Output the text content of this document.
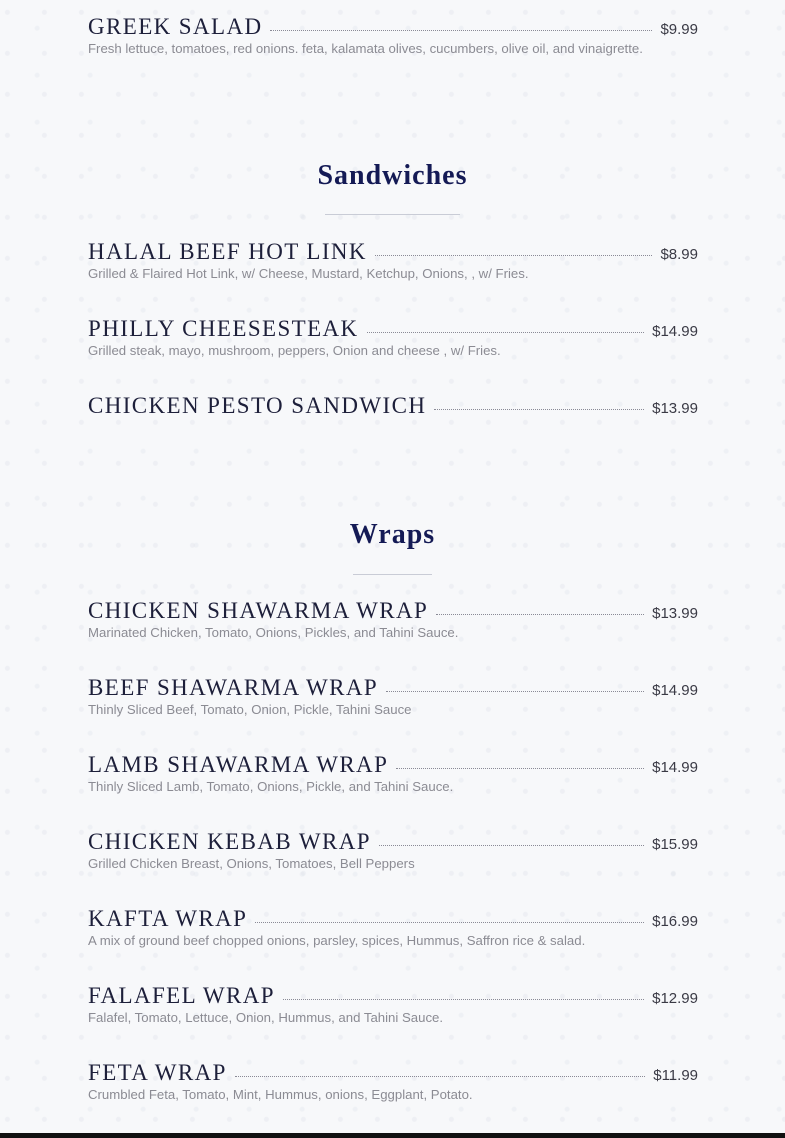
GREEK SALAD	$9.99
Fresh lettuce, tomatoes, red onions. feta, kalamata olives, cucumbers, olive oil, and vinaigrette.
Sandwiches
HALAL BEEF HOT LINK	$8.99
Grilled & Flaired Hot Link, w/ Cheese, Mustard, Ketchup, Onions, , w/ Fries.
PHILLY CHEESESTEAK	$14.99
Grilled steak, mayo, mushroom, peppers, Onion and cheese , w/ Fries.
CHICKEN PESTO SANDWICH	$13.99
Wraps
CHICKEN SHAWARMA WRAP	$13.99
Marinated Chicken, Tomato, Onions, Pickles, and Tahini Sauce.
BEEF SHAWARMA WRAP	$14.99
Thinly Sliced Beef, Tomato, Onion, Pickle, Tahini Sauce
LAMB SHAWARMA WRAP	$14.99
Thinly Sliced Lamb, Tomato, Onions, Pickle, and Tahini Sauce.
CHICKEN KEBAB WRAP	$15.99
Grilled Chicken Breast, Onions, Tomatoes, Bell Peppers
KAFTA WRAP	$16.99
A mix of ground beef chopped onions, parsley, spices, Hummus, Saffron rice & salad.
FALAFEL WRAP	$12.99
Falafel, Tomato, Lettuce, Onion, Hummus, and Tahini Sauce.
FETA WRAP	$11.99
Crumbled Feta, Tomato, Mint, Hummus, onions, Eggplant, Potato.
